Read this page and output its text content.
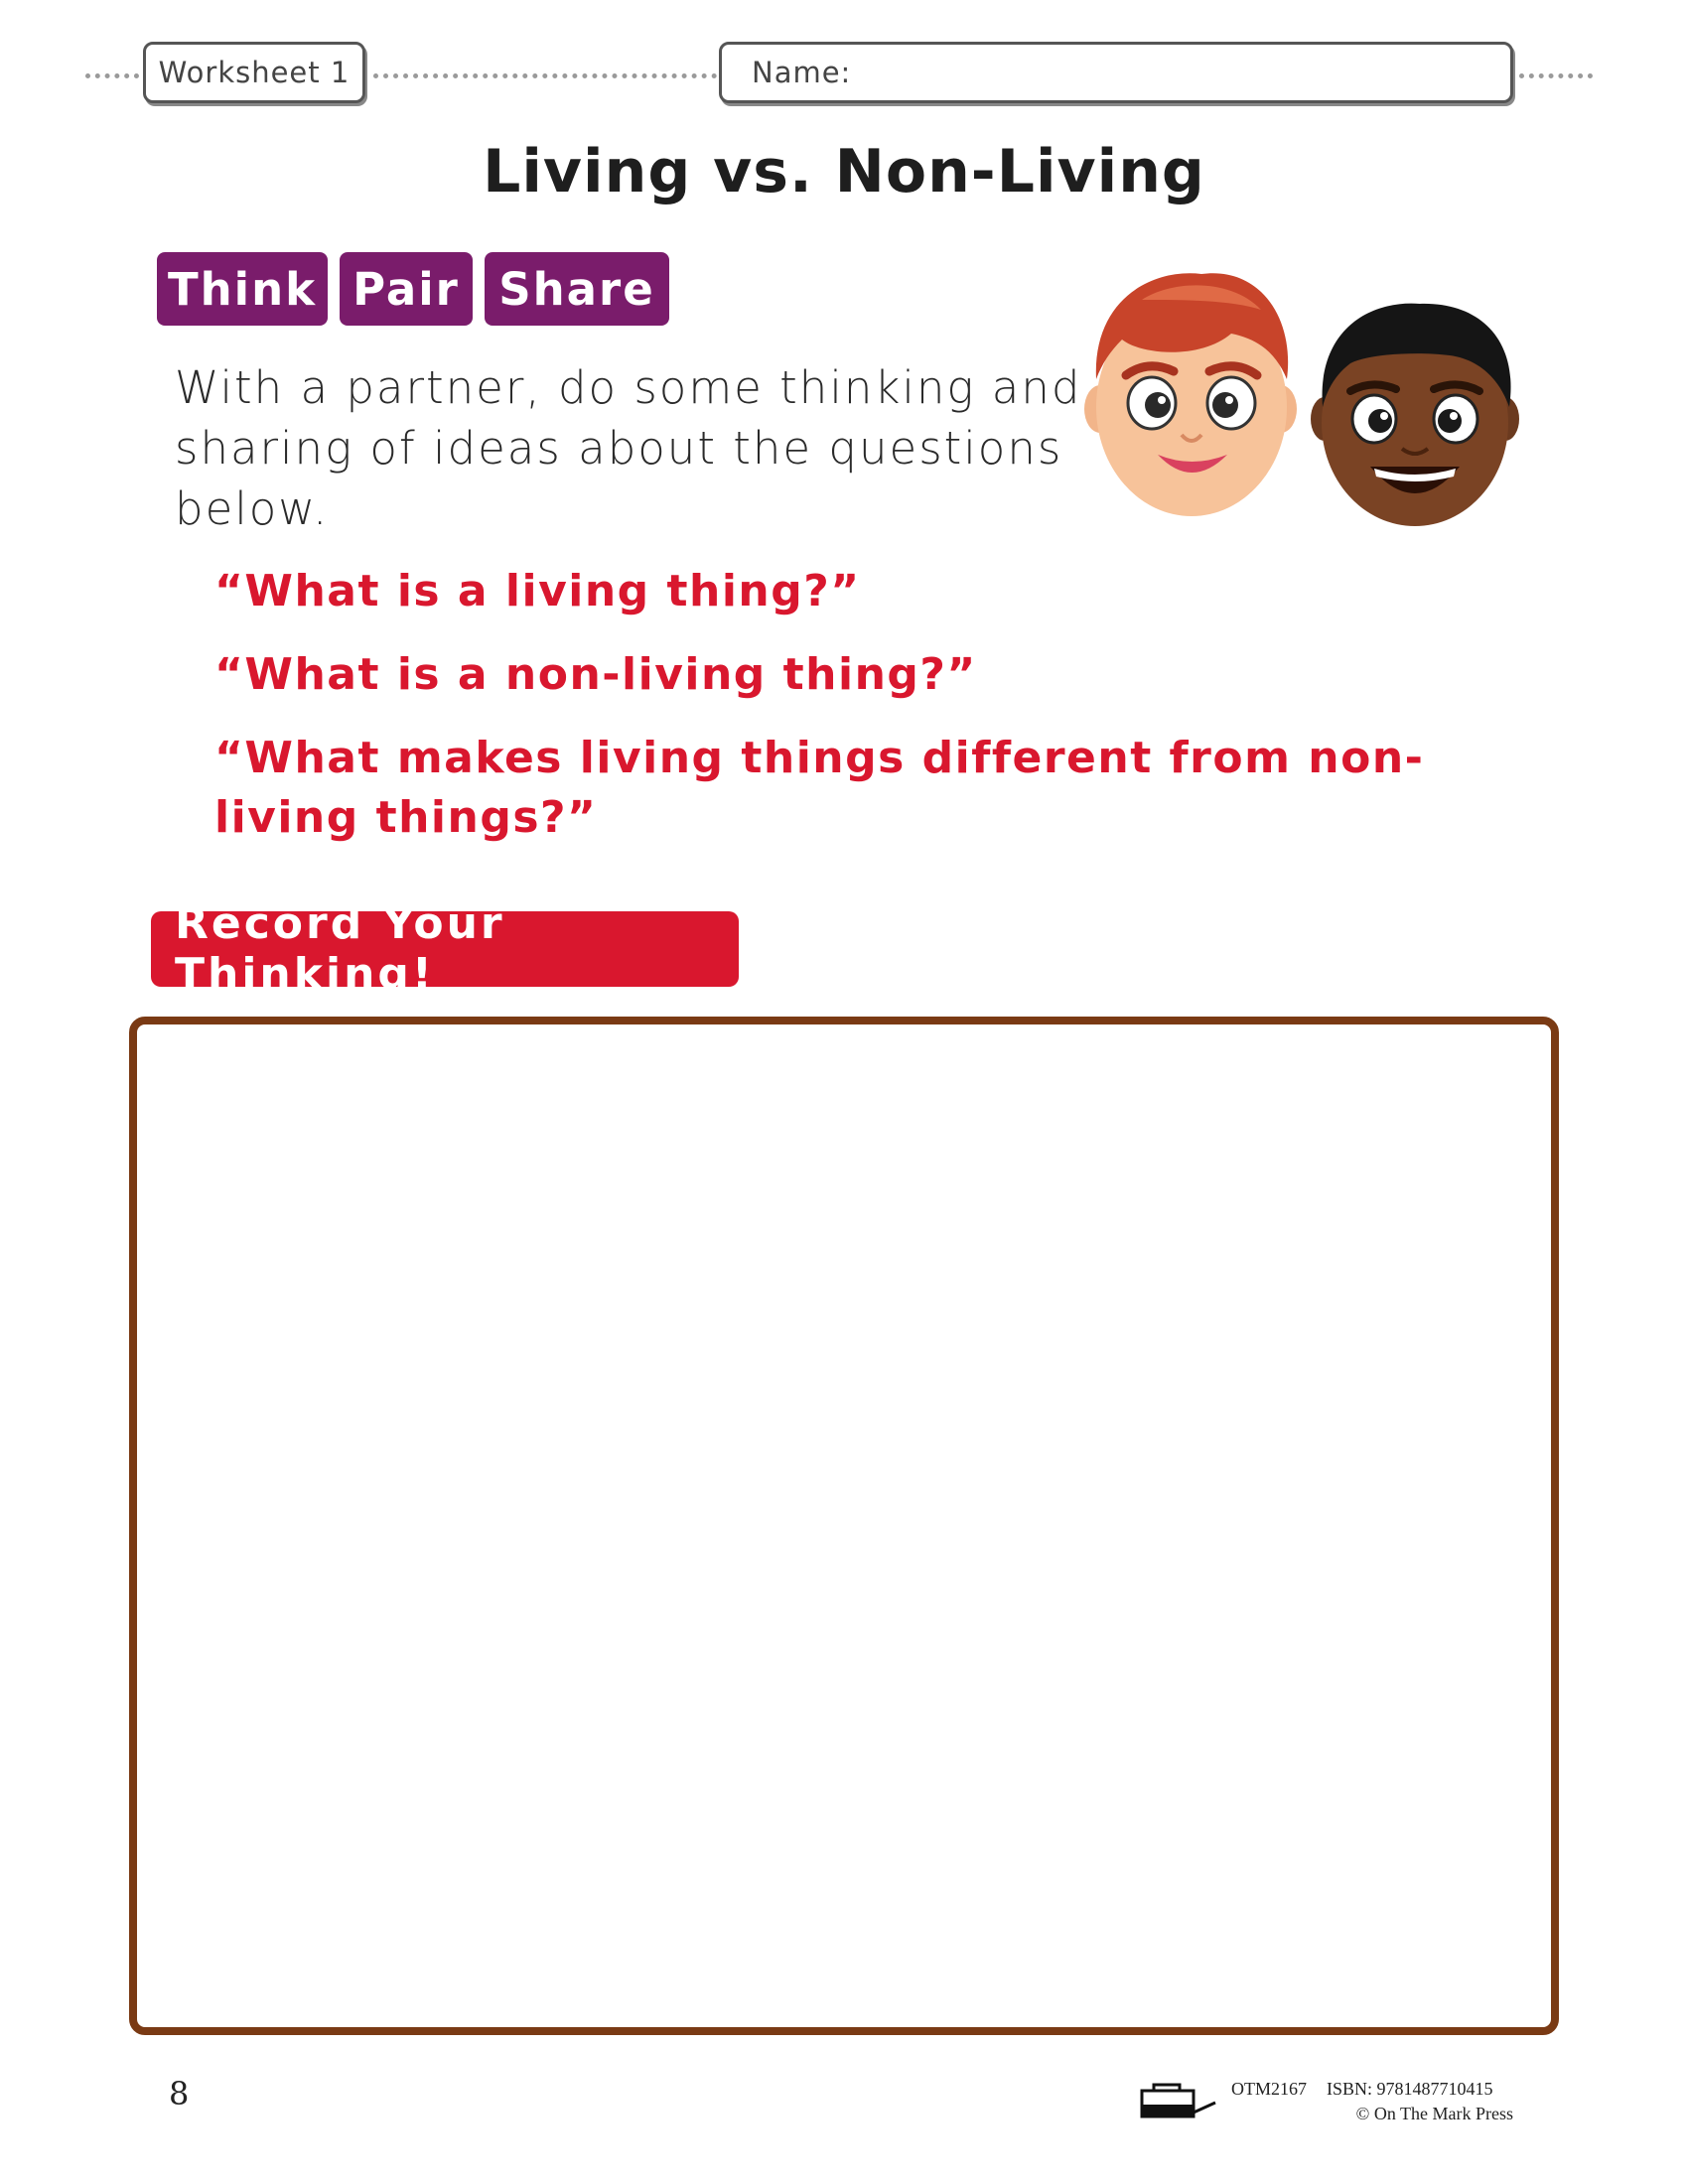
Worksheet 1	Name:
Living vs. Non-Living
Think Pair Share
With a partner, do some thinking and sharing of ideas about the questions below.
“What is a living thing?”
“What is a non-living thing?”
“What makes living things different from non-living things?”
Record Your Thinking!
8	OTM2167 ISBN: 9781487710415
© On The Mark Press
